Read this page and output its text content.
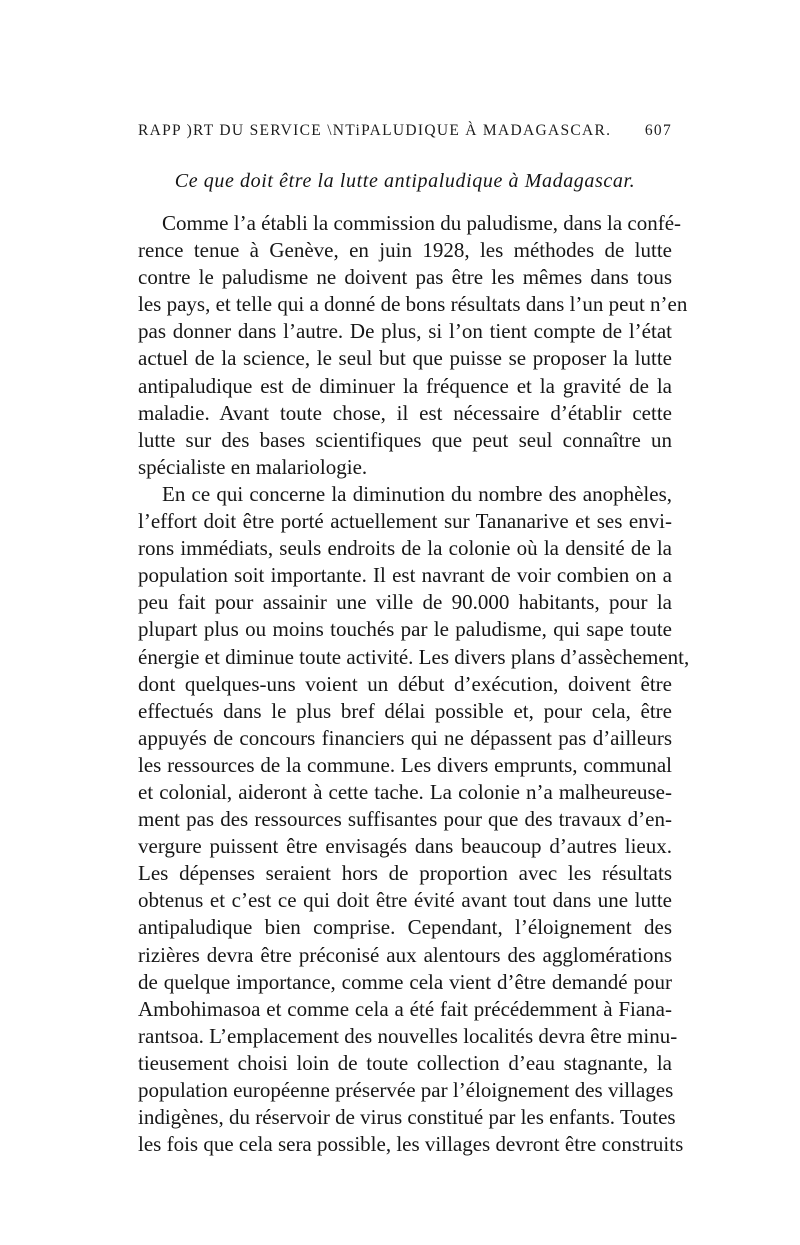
RAPP )RT DU SERVICE \NTiPALUDIQUE À MADAGASCAR. 607
Ce que doit être la lutte antipaludique à Madagascar.
Comme l’a établi la commission du paludisme, dans la confé-
rence tenue à Genève, en juin 1928, les méthodes de lutte
contre le paludisme ne doivent pas être les mêmes dans tous
les pays, et telle qui a donné de bons résultats dans l’un peut n’en
pas donner dans l’autre. De plus, si l’on tient compte de l’état
actuel de la science, le seul but que puisse se proposer la lutte
antipaludique est de diminuer la fréquence et la gravité de la
maladie. Avant toute chose, il est nécessaire d’établir cette
lutte sur des bases scientifiques que peut seul connaître un
spécialiste en malariologie.
En ce qui concerne la diminution du nombre des anophèles,
l’effort doit être porté actuellement sur Tananarive et ses envi-
rons immédiats, seuls endroits de la colonie où la densité de la
population soit importante. Il est navrant de voir combien on a
peu fait pour assainir une ville de 90.000 habitants, pour la
plupart plus ou moins touchés par le paludisme, qui sape toute
énergie et diminue toute activité. Les divers plans d’assèchement,
dont quelques-uns voient un début d’exécution, doivent être
effectués dans le plus bref délai possible et, pour cela, être
appuyés de concours financiers qui ne dépassent pas d’ailleurs
les ressources de la commune. Les divers emprunts, communal
et colonial, aideront à cette tache. La colonie n’a malheureuse-
ment pas des ressources suffisantes pour que des travaux d’en-
vergure puissent être envisagés dans beaucoup d’autres lieux.
Les dépenses seraient hors de proportion avec les résultats
obtenus et c’est ce qui doit être évité avant tout dans une lutte
antipaludique bien comprise. Cependant, l’éloignement des
rizières devra être préconisé aux alentours des agglomérations
de quelque importance, comme cela vient d’être demandé pour
Ambohimasoa et comme cela a été fait précédemment à Fiana-
rantsoa. L’emplacement des nouvelles localités devra être minu-
tieusement choisi loin de toute collection d’eau stagnante, la
population européenne préservée par l’éloignement des villages
indigènes, du réservoir de virus constitué par les enfants. Toutes
les fois que cela sera possible, les villages devront être construits
